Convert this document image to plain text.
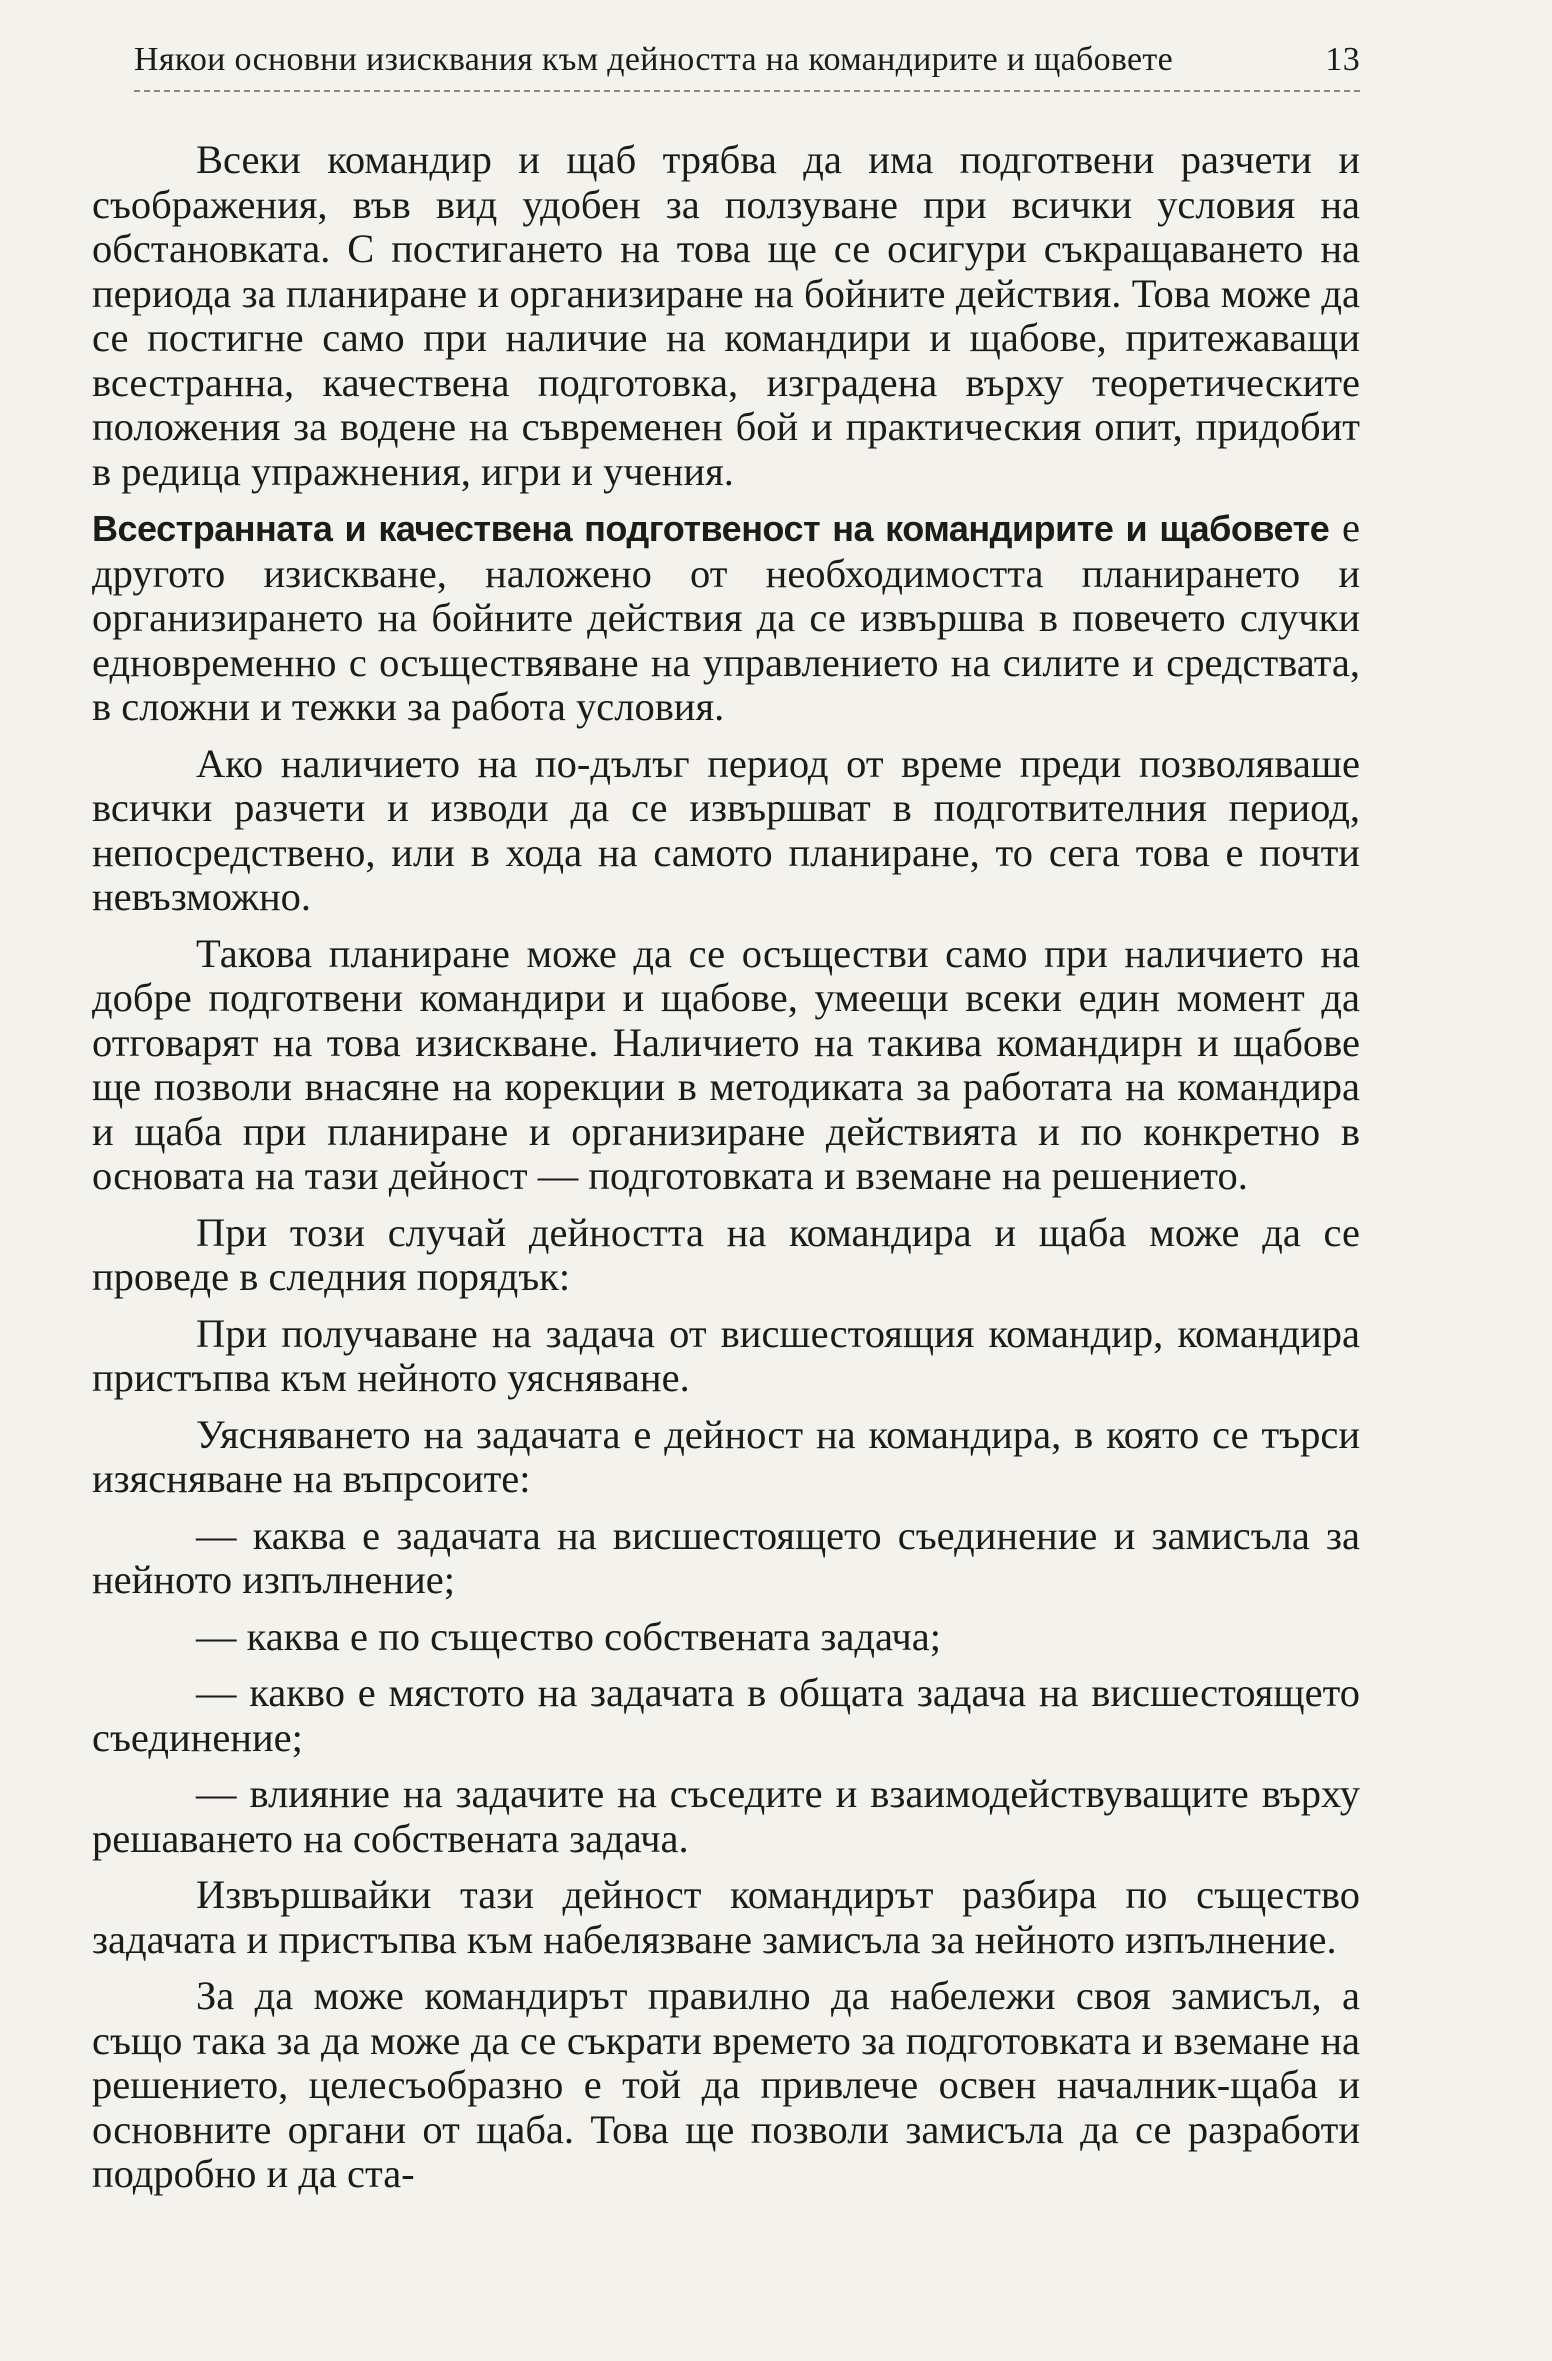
Някои основни изисквания към дейността на командирите и щабовете	13

Всеки командир и щаб трябва да има подготвени разчети и съображения, във вид удобен за ползуване при всички условия на обстановката. С постигането на това ще се осигури съкращаването на периода за планиране и организиране на бойните действия. Това може да се постигне само при наличие на командири и щабове, притежаващи всестранна, качествена подготовка, изградена върху теоретическите положения за водене на съвременен бой и практическия опит, придобит в редица упражнения, игри и учения.

Всестранната и качествена подготвеност на командирите и щабовете е другото изискване, наложено от необходимостта планирането и организирането на бойните действия да се извършва в повечето случки едновременно с осъществяване на управлението на силите и средствата, в сложни и тежки за работа условия.

Ако наличието на по-дълъг период от време преди позволяваше всички разчети и изводи да се извършват в подготвителния период, непосредствено, или в хода на самото планиране, то сега това е почти невъзможно.

Такова планиране може да се осъществи само при наличието на добре подготвени командири и щабове, умеещи всеки един момент да отговарят на това изискване. Наличието на такива командирн и щабове ще позволи внасяне на корекции в методиката за работата на командира и щаба при планиране и организиране действията и по конкретно в основата на тази дейност — подготовката и вземане на решението.

При този случай дейността на командира и щаба може да се проведе в следния порядък:

При получаване на задача от висшестоящия командир, командира пристъпва към нейното уясняване.

Уясняването на задачата е дейност на командира, в която се търси изясняване на въпрсоите:

— каква е задачата на висшестоящето съединение и замисъла за нейното изпълнение;

— каква е по същество собствената задача;

— какво е мястото на задачата в общата задача на висшестоящето съединение;

— влияние на задачите на съседите и взаимодействуващите върху решаването на собствената задача.

Извършвайки тази дейност командирът разбира по същество задачата и пристъпва към набелязване замисъла за нейното изпълнение.

За да може командирът правилно да набележи своя замисъл, а също така за да може да се съкрати времето за подготовката и вземане на решението, целесъобразно е той да привлече освен началник-щаба и основните органи от щаба. Това ще позволи замисъла да се разработи подробно и да ста-
